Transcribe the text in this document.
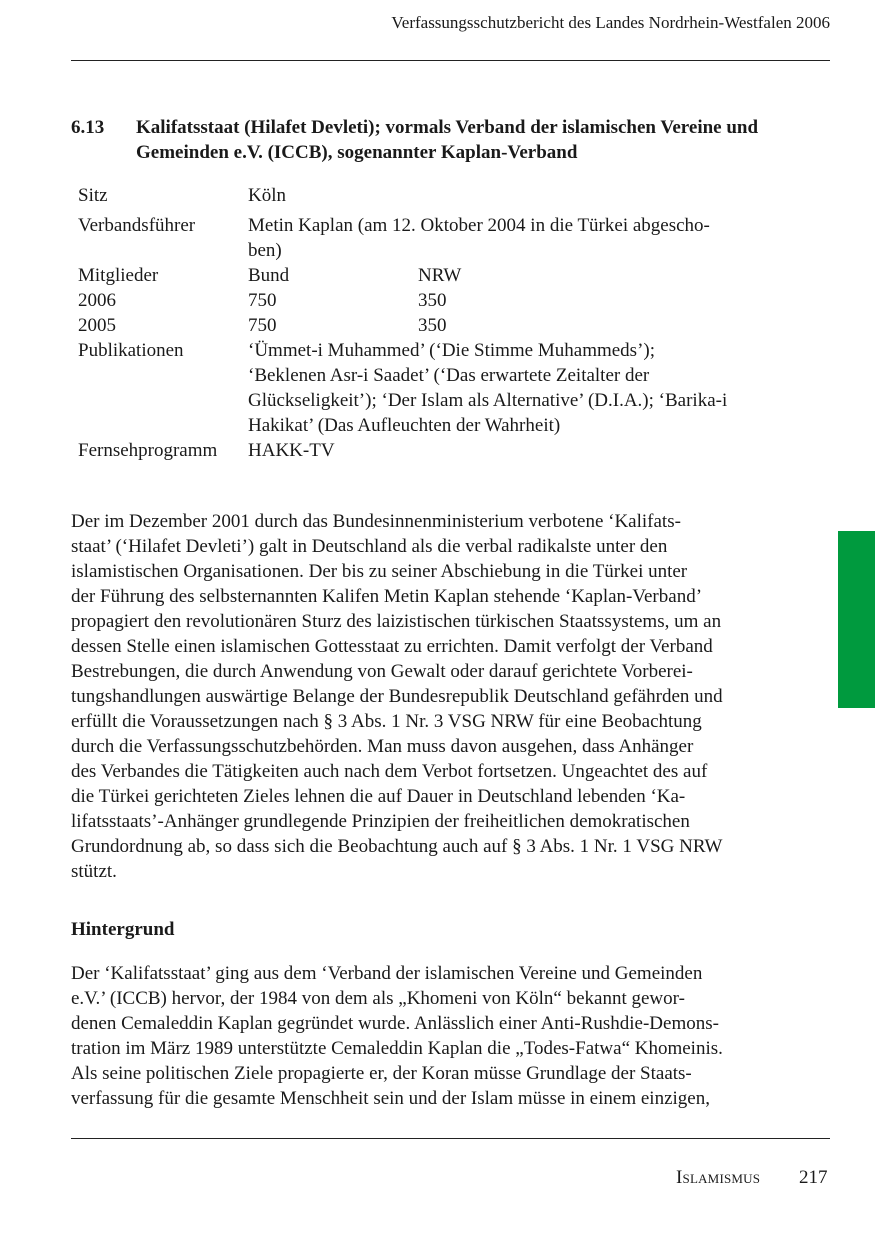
Verfassungsschutzbericht des Landes Nordrhein-Westfalen 2006
6.13 Kalifatsstaat (Hilafet Devleti); vormals Verband der islamischen Vereine und Gemeinden e.V. (ICCB), sogenannter Kaplan-Verband
Sitz	Köln
Verbandsführer	Metin Kaplan (am 12. Oktober 2004 in die Türkei abgescho-
ben)
Mitglieder	Bund	NRW
2006	750	350
2005	750	350
Publikationen	‘Ümmet-i Muhammed’ (‘Die Stimme Muhammeds’);
‘Beklenen Asr-i Saadet’ (‘Das erwartete Zeitalter der
Glückseligkeit’); ‘Der Islam als Alternative’ (D.I.A.); ‘Barika-i
Hakikat’ (Das Aufleuchten der Wahrheit)
Fernsehprogramm	HAKK-TV
Der im Dezember 2001 durch das Bundesinnenministerium verbotene ‘Kalifats-
staat’ (‘Hilafet Devleti’) galt in Deutschland als die verbal radikalste unter den
islamistischen Organisationen. Der bis zu seiner Abschiebung in die Türkei unter
der Führung des selbsternannten Kalifen Metin Kaplan stehende ‘Kaplan-Verband’
propagiert den revolutionären Sturz des laizistischen türkischen Staatssystems, um an
dessen Stelle einen islamischen Gottesstaat zu errichten. Damit verfolgt der Verband
Bestrebungen, die durch Anwendung von Gewalt oder darauf gerichtete Vorberei-
tungshandlungen auswärtige Belange der Bundesrepublik Deutschland gefährden und
erfüllt die Voraussetzungen nach § 3 Abs. 1 Nr. 3 VSG NRW für eine Beobachtung
durch die Verfassungsschutzbehörden. Man muss davon ausgehen, dass Anhänger
des Verbandes die Tätigkeiten auch nach dem Verbot fortsetzen. Ungeachtet des auf
die Türkei gerichteten Zieles lehnen die auf Dauer in Deutschland lebenden ‘Ka-
lifatsstaats’-Anhänger grundlegende Prinzipien der freiheitlichen demokratischen
Grundordnung ab, so dass sich die Beobachtung auch auf § 3 Abs. 1 Nr. 1 VSG NRW
stützt.
Hintergrund
Der ‘Kalifatsstaat’ ging aus dem ‘Verband der islamischen Vereine und Gemeinden
e.V.’ (ICCB) hervor, der 1984 von dem als „Khomeni von Köln“ bekannt gewor-
denen Cemaleddin Kaplan gegründet wurde. Anlässlich einer Anti-Rushdie-Demons-
tration im März 1989 unterstützte Cemaleddin Kaplan die „Todes-Fatwa“ Khomeinis.
Als seine politischen Ziele propagierte er, der Koran müsse Grundlage der Staats-
verfassung für die gesamte Menschheit sein und der Islam müsse in einem einzigen,
Islamismus 217
